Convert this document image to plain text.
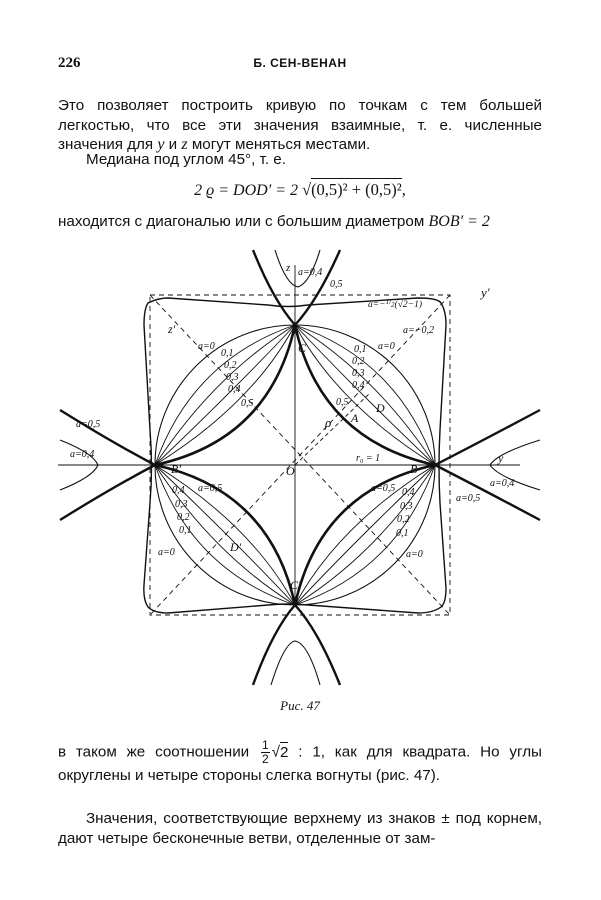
226	Б. СЕН-ВЕНАН
Это позволяет построить кривую по точкам с тем большей легкостью, что все эти значения взаимные, т. е. численные значения для y и z могут меняться местами.
Медиана под углом 45°, т. е.
2 ϱ = DOD′ = 2 √(0,5)² + (0,5)²,
находится с диагональю или с большим диаметром BOB′ = 2
z a=0,4
0,5
y′
$a=-^1/_2(√2-1)$
a=−0,2
z′
C
a=0
0,1
0,2
0,3
0,4
0,5
0,1 a=0
0,2
0,3
0,4
0,5
A
D
ρ
a=0,5
a=0,4
B′	O
r₀ = 1
B
y
a=0,4
a=0,5
0,4 a=0,5
0,3
0,2
0,1
a=0	D′
a=0,5 0,4
0,3
0,2
0,1
a=0
C′
Рис. 47
в таком же соотношении $\frac{1}{2} √2$ : 1, как для квадрата. Но углы округлены и четыре стороны слегка вогнуты (рис. 47).
Значения, соответствующие верхнему из знаков ± под корнем, дают четыре бесконечные ветви, отделенные от зам-
